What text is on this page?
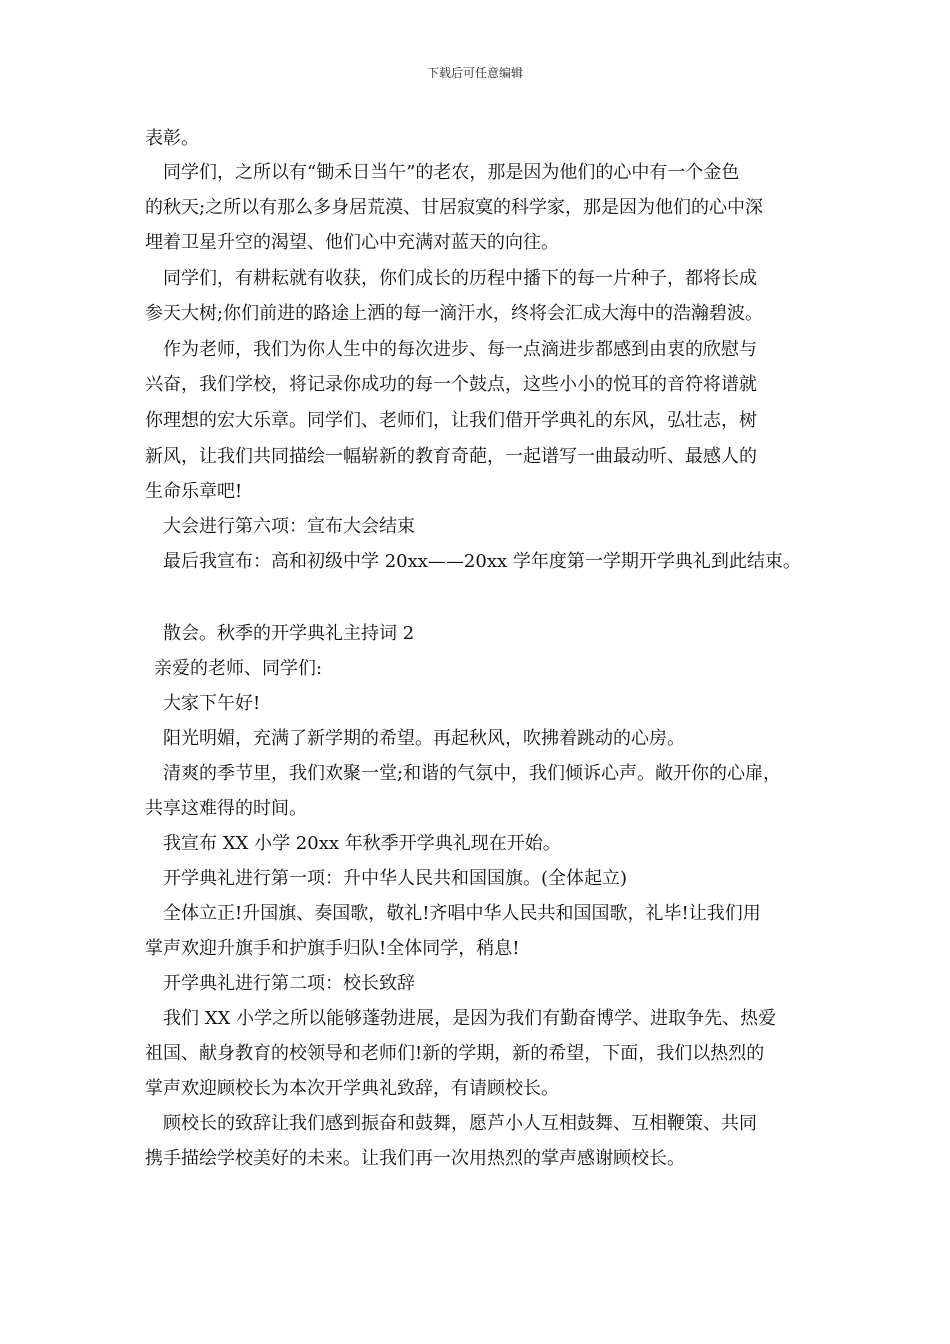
下载后可任意编辑
表彰。
同学们，之所以有“锄禾日当午”的老农，那是因为他们的心中有一个金色
的秋天;之所以有那么多身居荒漠、甘居寂寞的科学家，那是因为他们的心中深
埋着卫星升空的渴望、他们心中充满对蓝天的向往。
同学们，有耕耘就有收获，你们成长的历程中播下的每一片种子，都将长成
参天大树;你们前进的路途上洒的每一滴汗水，终将会汇成大海中的浩瀚碧波。
作为老师，我们为你人生中的每次进步、每一点滴进步都感到由衷的欣慰与
兴奋，我们学校，将记录你成功的每一个鼓点，这些小小的悦耳的音符将谱就
你理想的宏大乐章。同学们、老师们，让我们借开学典礼的东风，弘壮志，树
新风，让我们共同描绘一幅崭新的教育奇葩，一起谱写一曲最动听、最感人的
生命乐章吧!
大会进行第六项：宣布大会结束
最后我宣布：高和初级中学 20xx——20xx 学年度第一学期开学典礼到此结束。
散会。秋季的开学典礼主持词 2
亲爱的老师、同学们:
大家下午好!
阳光明媚，充满了新学期的希望。再起秋风，吹拂着跳动的心房。
清爽的季节里，我们欢聚一堂;和谐的气氛中，我们倾诉心声。敞开你的心扉，
共享这难得的时间。
我宣布 XX 小学 20xx 年秋季开学典礼现在开始。
开学典礼进行第一项：升中华人民共和国国旗。(全体起立)
全体立正!升国旗、奏国歌，敬礼!齐唱中华人民共和国国歌，礼毕!让我们用
掌声欢迎升旗手和护旗手归队!全体同学，稍息!
开学典礼进行第二项：校长致辞
我们 XX 小学之所以能够蓬勃进展，是因为我们有勤奋博学、进取争先、热爱
祖国、献身教育的校领导和老师们!新的学期，新的希望，下面，我们以热烈的
掌声欢迎顾校长为本次开学典礼致辞，有请顾校长。
顾校长的致辞让我们感到振奋和鼓舞，愿芦小人互相鼓舞、互相鞭策、共同
携手描绘学校美好的未来。让我们再一次用热烈的掌声感谢顾校长。
